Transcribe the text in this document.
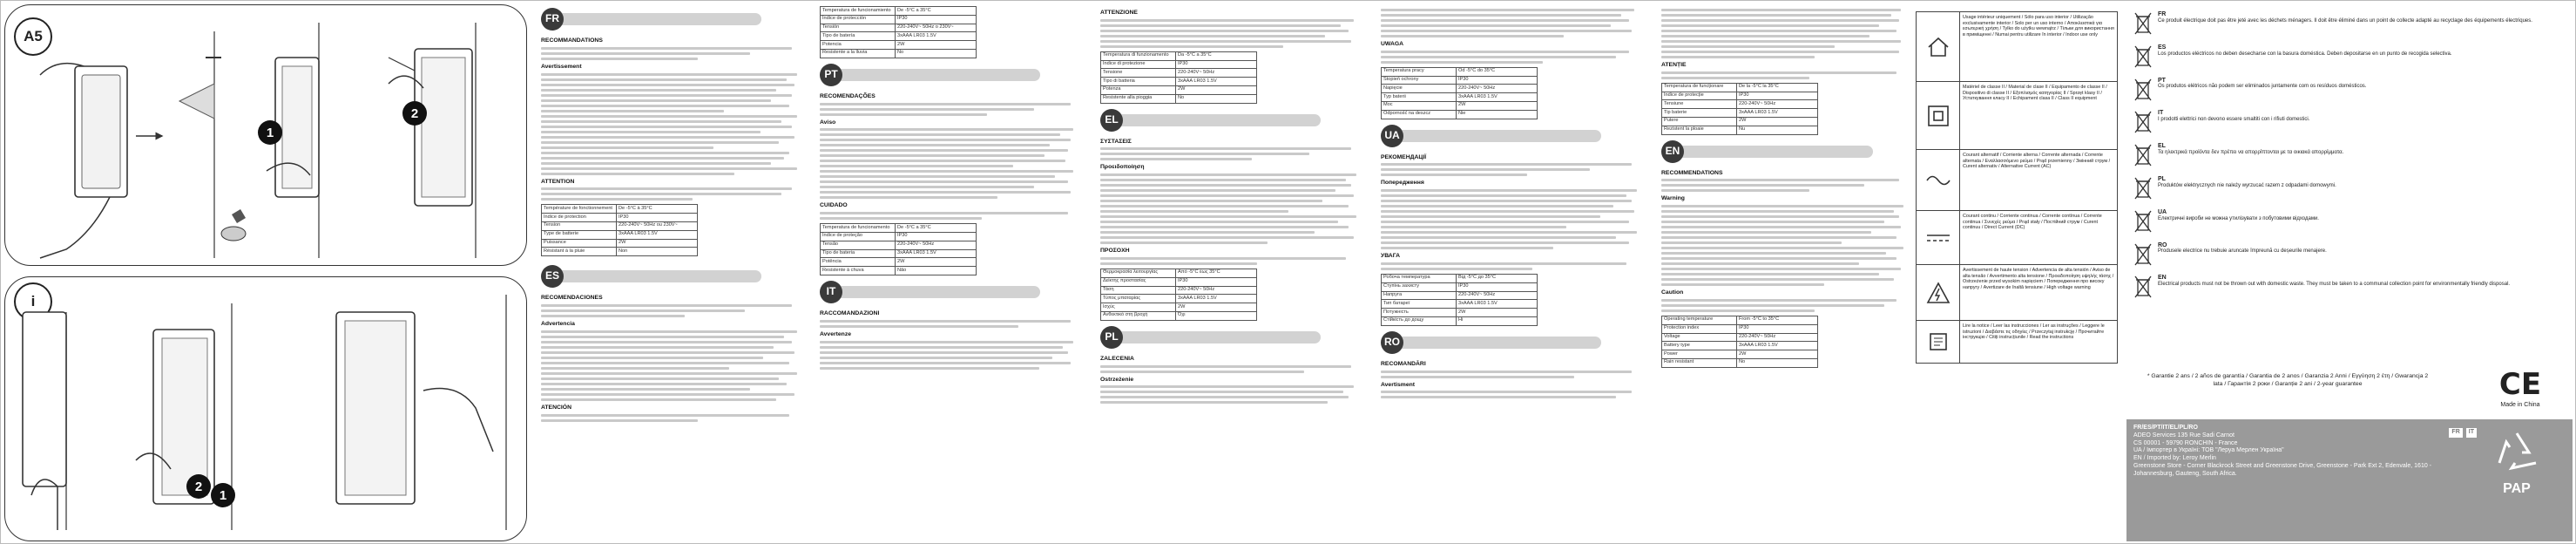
A5
1
2
i
2
1
FR
RECOMMANDATIONS
Avertissement
ATTENTION
Température de fonctionnement	De -5°C à 35°C
Indice de protection	IP30
Tension	220-240V~ 50Hz ou 230V~
Type de batterie	3xAAA LR03 1.5V
Puissance	2W
Résistant à la pluie	Non
ES
RECOMENDACIONES
Advertencia
ATENCIÓN
Temperatura de funcionamiento	De -5°C a 35°C
Índice de protección	IP30
Tensión	220-240V~ 50Hz o 230V~
Tipo de batería	3xAAA LR03 1.5V
Potencia	2W
Resistente a la lluvia	No
PT
RECOMENDAÇÕES
Aviso
CUIDADO
Temperatura de funcionamento	De -5°C a 35°C
Índice de proteção	IP30
Tensão	220-240V~ 50Hz
Tipo de bateria	3xAAA LR03 1.5V
Potência	2W
Resistente à chuva	Não
IT
RACCOMANDAZIONI
Avvertenze
ATTENZIONE
Temperatura di funzionamento	Da -5°C a 35°C
Indice di protezione	IP30
Tensione	220-240V~ 50Hz
Tipo di batteria	3xAAA LR03 1.5V
Potenza	2W
Resistente alla pioggia	No
EL
ΣΥΣΤΑΣΕΙΣ
Προειδοποίηση
ΠΡΟΣΟΧΗ
Θερμοκρασία λειτουργίας	Από -5°C έως 35°C
Δείκτης προστασίας	IP30
Τάση	220-240V~ 50Hz
Τύπος μπαταρίας	3xAAA LR03 1.5V
Ισχύς	2W
Ανθεκτικό στη βροχή	Όχι
PL
ZALECENIA
Ostrzeżenie
UWAGA
Temperatura pracy	Od -5°C do 35°C
Stopień ochrony	IP30
Napięcie	220-240V~ 50Hz
Typ baterii	3xAAA LR03 1.5V
Moc	2W
Odporność na deszcz	Nie
UA
РЕКОМЕНДАЦІЇ
Попередження
УВАГА
Робоча температура	Від -5°C до 35°C
Ступінь захисту	IP30
Напруга	220-240V~ 50Hz
Тип батареї	3xAAA LR03 1.5V
Потужність	2W
Стійкість до дощу	Ні
RO
RECOMANDĂRI
Avertisment
ATENȚIE
Temperatura de funcționare	De la -5°C la 35°C
Indice de protecție	IP30
Tensiune	220-240V~ 50Hz
Tip baterie	3xAAA LR03 1.5V
Putere	2W
Rezistent la ploaie	Nu
EN
RECOMMENDATIONS
Warning
Caution
Operating temperature	From -5°C to 35°C
Protection index	IP30
Voltage	220-240V~ 50Hz
Battery type	3xAAA LR03 1.5V
Power	2W
Rain resistant	No
Usage intérieur uniquement / Sólo para uso interior / Utilização exclusivamente interior / Solo per un uso interno / Αποκλειστικά για εσωτερική χρήση / Tylko do użytku wewnątrz / Тільки для використання в приміщенні / Numai pentru utilizare în interior / Indoor use only
Matériel de classe II / Material de clase II / Equipamento de classe II / Dispositivo di classe II / Εξοπλισμός κατηγορίας II / Sprzęt klasy II / Устаткування класу II / Echipament clasa II / Class II equipment
Courant alternatif / Corriente alterna / Corrente alternada / Corrente alternata / Εναλλασσόμενο ρεύμα / Prąd przemienny / Змінний струм / Curent alternativ / Alternative Current (AC)
Courant continu / Corriente continua / Corrente contínua / Corrente continua / Συνεχές ρεύμα / Prąd stały / Постійний струм / Curent continuu / Direct Current (DC)
Avertissement de haute tension / Advertencia de alta tensión / Aviso de alta tensão / Avvertimento alta tensione / Προειδοποίηση υψηλής τάσης / Ostrzeżenie przed wysokim napięciem / Попередження про високу напругу / Avertizare de înaltă tensiune / High voltage warning
Lire la notice / Leer las instrucciones / Ler as instruções / Leggere le istruzioni / Διαβάστε τις οδηγίες / Przeczytaj instrukcję / Прочитайте інструкцію / Citiți instrucțiunile / Read the instructions
FR
Ce produit électrique doit pas être jeté avec les déchets ménagers. Il doit être éliminé dans un point de collecte adapté au recyclage des équipements électriques.
ES
Los productos eléctricos no deben desecharse con la basura doméstica. Deben depositarse en un punto de recogida selectiva.
PT
Os produtos elétricos não podem ser eliminados juntamente com os resíduos domésticos.
IT
I prodotti elettrici non devono essere smaltiti con i rifiuti domestici.
EL
Τα ηλεκτρικά προϊόντα δεν πρέπει να απορρίπτονται με τα οικιακά απορρίμματα.
PL
Produktów elektrycznych nie należy wyrzucać razem z odpadami domowymi.
UA
Електричні вироби не можна утилізувати з побутовими відходами.
RO
Produsele electrice nu trebuie aruncate împreună cu deșeurile menajere.
EN
Electrical products must not be thrown out with domestic waste. They must be taken to a communal collection point for environmentally friendly disposal.
* Garantie 2 ans / 2 años de garantía / Garantia de 2 anos / Garanzia 2 Anni / Εγγύηση 2 έτη / Gwarancja 2 lata / Гарантія 2 роки / Garanție 2 ani / 2-year guarantee	CE
Made in China
FR/ES/PT/IT/EL/PL/RO
ADEO Services 135 Rue Sadi Carnot
CS 00001 - 59790 RONCHIN - France
UA / Імпортер в Україні: ТОВ "Леруа Мерлен Україна"
EN / Imported by: Leroy Merlin
Greenstone Store - Corner Blackrock Street and Greenstone Drive, Greenstone - Park Ext 2, Edenvale, 1610 - Johannesburg, Gauteng, South Africa.
FR	IT
PAP
